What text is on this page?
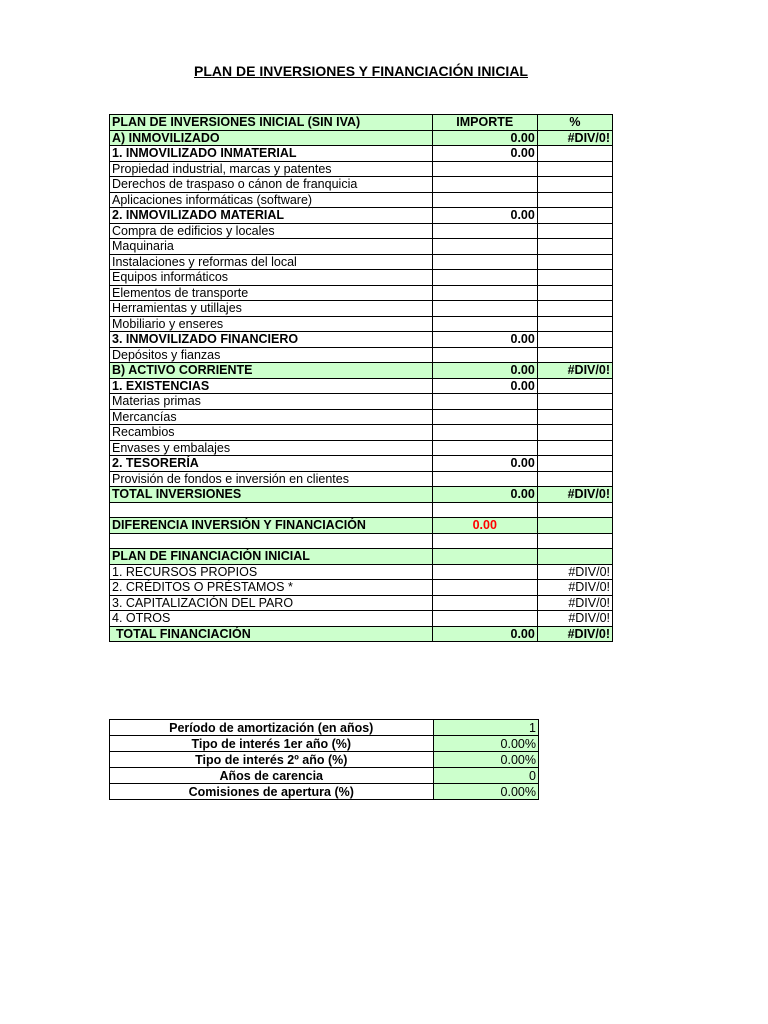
PLAN DE INVERSIONES Y FINANCIACIÓN INICIAL
PLAN DE INVERSIONES INICIAL (SIN IVA)	IMPORTE	%
A) INMOVILIZADO	0.00	#DIV/0!
1. INMOVILIZADO INMATERIAL	0.00	
Propiedad industrial, marcas y patentes		
Derechos de traspaso o cánon de franquicia		
Aplicaciones informáticas (software)		
2. INMOVILIZADO MATERIAL	0.00	
Compra de edificios y locales		
Maquinaria		
Instalaciones y reformas del local		
Equipos informáticos		
Elementos de transporte		
Herramientas y utillajes		
Mobiliario y enseres		
3. INMOVILIZADO FINANCIERO	0.00	
Depósitos y fianzas		
B) ACTIVO CORRIENTE	0.00	#DIV/0!
1. EXISTENCIAS	0.00	
Materias primas		
Mercancías		
Recambios		
Envases y embalajes		
2. TESORERÍA	0.00	
Provisión de fondos e inversión en clientes		
TOTAL INVERSIONES	0.00	#DIV/0!

DIFERENCIA INVERSIÓN Y FINANCIACIÓN	0.00	

PLAN DE FINANCIACIÓN INICIAL		
1. RECURSOS PROPIOS		#DIV/0!
2. CRÉDITOS O PRÉSTAMOS *		#DIV/0!
3. CAPITALIZACIÓN DEL PARO		#DIV/0!
4. OTROS		#DIV/0!
TOTAL FINANCIACIÓN	0.00	#DIV/0!
Período de amortización (en años)	1
Tipo de interés 1er año (%)	0.00%
Tipo de interés 2º año (%)	0.00%
Años de carencia	0
Comisiones de apertura (%)	0.00%
